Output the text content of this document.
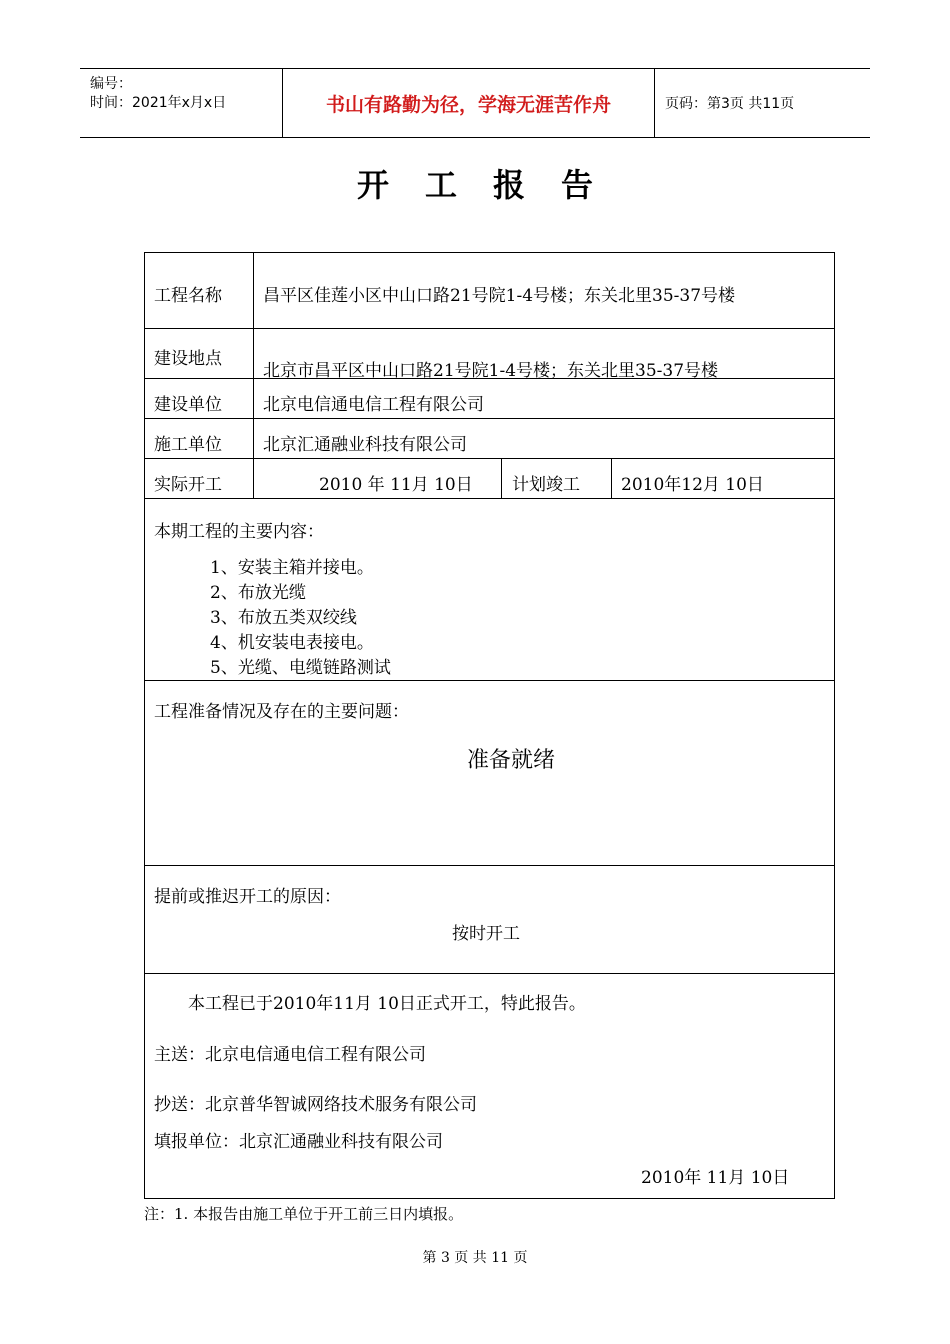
编号：
时间：2021年x月x日	书山有路勤为径，学海无涯苦作舟	页码：第3页 共11页
开工报告
工程名称 昌平区佳莲小区中山口路21号院1-4号楼；东关北里35-37号楼
建设地点
北京市昌平区中山口路21号院1-4号楼；东关北里35-37号楼
建设单位 北京电信通电信工程有限公司
施工单位 北京汇通融业科技有限公司
实际开工	2010 年 11月 10日 计划竣工 2010年12月 10日
本期工程的主要内容：
1、安装主箱并接电。
2、布放光缆
3、布放五类双绞线
4、机安装电表接电。
5、光缆、电缆链路测试
工程准备情况及存在的主要问题：
准备就绪
提前或推迟开工的原因：
按时开工
本工程已于2010年11月 10日正式开工，特此报告。
主送：北京电信通电信工程有限公司
抄送：北京普华智诚网络技术服务有限公司
填报单位：北京汇通融业科技有限公司
2010年 11月 10日
注：1. 本报告由施工单位于开工前三日内填报。
第 3 页 共 11 页
